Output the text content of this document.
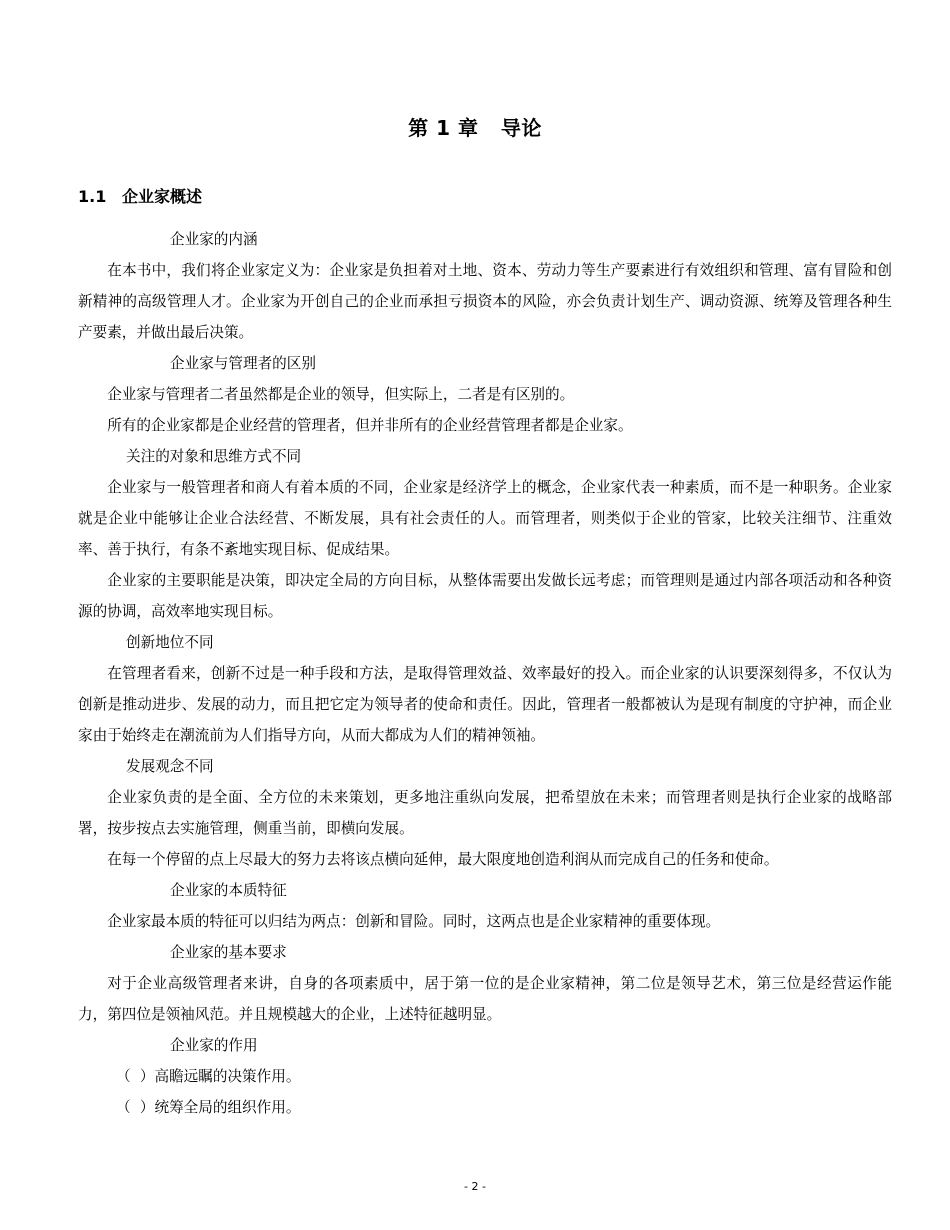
第 1 章 导论
1.1 企业家概述

企业家的内涵

在本书中，我们将企业家定义为：企业家是负担着对土地、资本、劳动力等生产要素进行有效组织和管理、富有冒险和创新精神的高级管理人才。企业家为开创自己的企业而承担亏损资本的风险，亦会负责计划生产、调动资源、统筹及管理各种生产要素，并做出最后决策。

企业家与管理者的区别

企业家与管理者二者虽然都是企业的领导，但实际上，二者是有区别的。

所有的企业家都是企业经营的管理者，但并非所有的企业经营管理者都是企业家。

关注的对象和思维方式不同

企业家与一般管理者和商人有着本质的不同，企业家是经济学上的概念，企业家代表一种素质，而不是一种职务。企业家就是企业中能够让企业合法经营、不断发展，具有社会责任的人。而管理者，则类似于企业的管家，比较关注细节、注重效率、善于执行，有条不紊地实现目标、促成结果。

企业家的主要职能是决策，即决定全局的方向目标，从整体需要出发做长远考虑；而管理则是通过内部各项活动和各种资源的协调，高效率地实现目标。

创新地位不同

在管理者看来，创新不过是一种手段和方法，是取得管理效益、效率最好的投入。而企业家的认识要深刻得多，不仅认为创新是推动进步、发展的动力，而且把它定为领导者的使命和责任。因此，管理者一般都被认为是现有制度的守护神，而企业家由于始终走在潮流前为人们指导方向，从而大都成为人们的精神领袖。

发展观念不同

企业家负责的是全面、全方位的未来策划，更多地注重纵向发展，把希望放在未来；而管理者则是执行企业家的战略部署，按步按点去实施管理，侧重当前，即横向发展。

在每一个停留的点上尽最大的努力去将该点横向延伸，最大限度地创造利润从而完成自己的任务和使命。

企业家的本质特征

企业家最本质的特征可以归结为两点：创新和冒险。同时，这两点也是企业家精神的重要体现。

企业家的基本要求

对于企业高级管理者来讲，自身的各项素质中，居于第一位的是企业家精神，第二位是领导艺术，第三位是经营运作能力，第四位是领袖风范。并且规模越大的企业，上述特征越明显。

企业家的作用

（  ）高瞻远瞩的决策作用。

（  ）统筹全局的组织作用。

- 2 -
